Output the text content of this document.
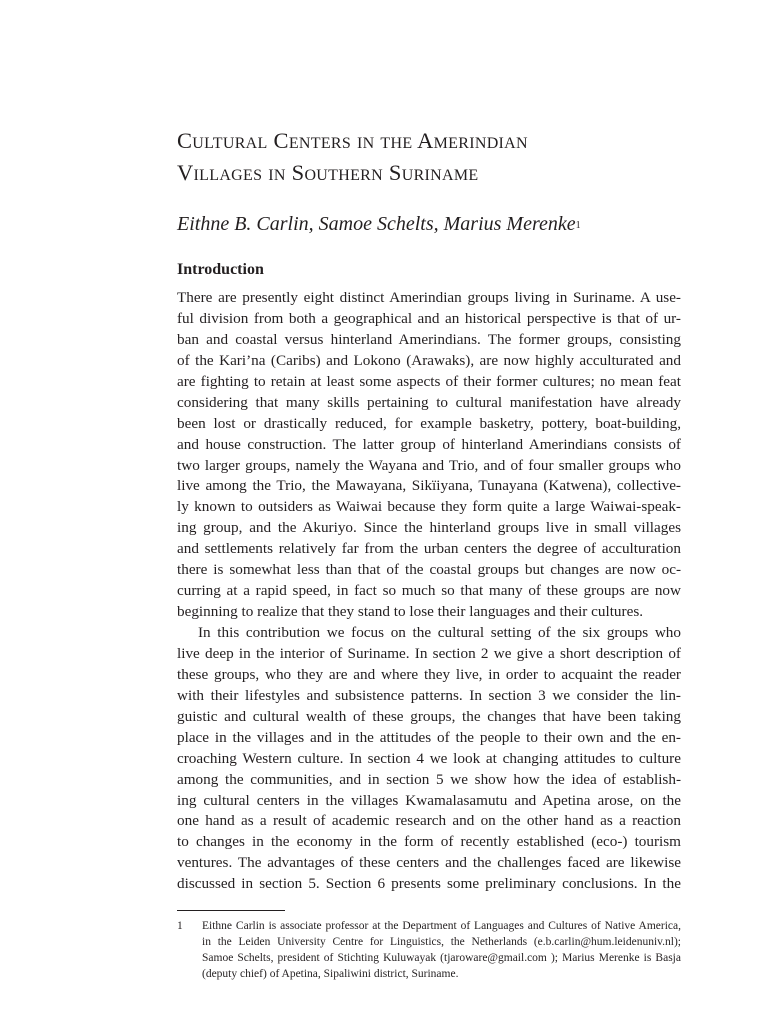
Cultural Centers in the Amerindian
Villages in Southern Suriname
Eithne B. Carlin, Samoe Schelts, Marius Merenke$^1$
Introduction
There are presently eight distinct Amerindian groups living in Suriname. A use-
ful division from both a geographical and an historical perspective is that of ur-
ban and coastal versus hinterland Amerindians. The former groups, consisting
of the Kari’na (Caribs) and Lokono (Arawaks), are now highly acculturated and
are fighting to retain at least some aspects of their former cultures; no mean feat
considering that many skills pertaining to cultural manifestation have already
been lost or drastically reduced, for example basketry, pottery, boat-building,
and house construction. The latter group of hinterland Amerindians consists of
two larger groups, namely the Wayana and Trio, and of four smaller groups who
live among the Trio, the Mawayana, Sikïiyana, Tunayana (Katwena), collective-
ly known to outsiders as Waiwai because they form quite a large Waiwai-speak-
ing group, and the Akuriyo. Since the hinterland groups live in small villages
and settlements relatively far from the urban centers the degree of acculturation
there is somewhat less than that of the coastal groups but changes are now oc-
curring at a rapid speed, in fact so much so that many of these groups are now
beginning to realize that they stand to lose their languages and their cultures.
In this contribution we focus on the cultural setting of the six groups who
live deep in the interior of Suriname. In section 2 we give a short description of
these groups, who they are and where they live, in order to acquaint the reader
with their lifestyles and subsistence patterns. In section 3 we consider the lin-
guistic and cultural wealth of these groups, the changes that have been taking
place in the villages and in the attitudes of the people to their own and the en-
croaching Western culture. In section 4 we look at changing attitudes to culture
among the communities, and in section 5 we show how the idea of establish-
ing cultural centers in the villages Kwamalasamutu and Apetina arose, on the
one hand as a result of academic research and on the other hand as a reaction
to changes in the economy in the form of recently established (eco-) tourism
ventures. The advantages of these centers and the challenges faced are likewise
discussed in section 5. Section 6 presents some preliminary conclusions. In the
1 Eithne Carlin is associate professor at the Department of Languages and Cultures of Native America,
in the Leiden University Centre for Linguistics, the Netherlands (e.b.carlin@hum.leidenuniv.nl);
Samoe Schelts, president of Stichting Kuluwayak (tjaroware@gmail.com ); Marius Merenke is Basja
(deputy chief) of Apetina, Sipaliwini district, Suriname.
